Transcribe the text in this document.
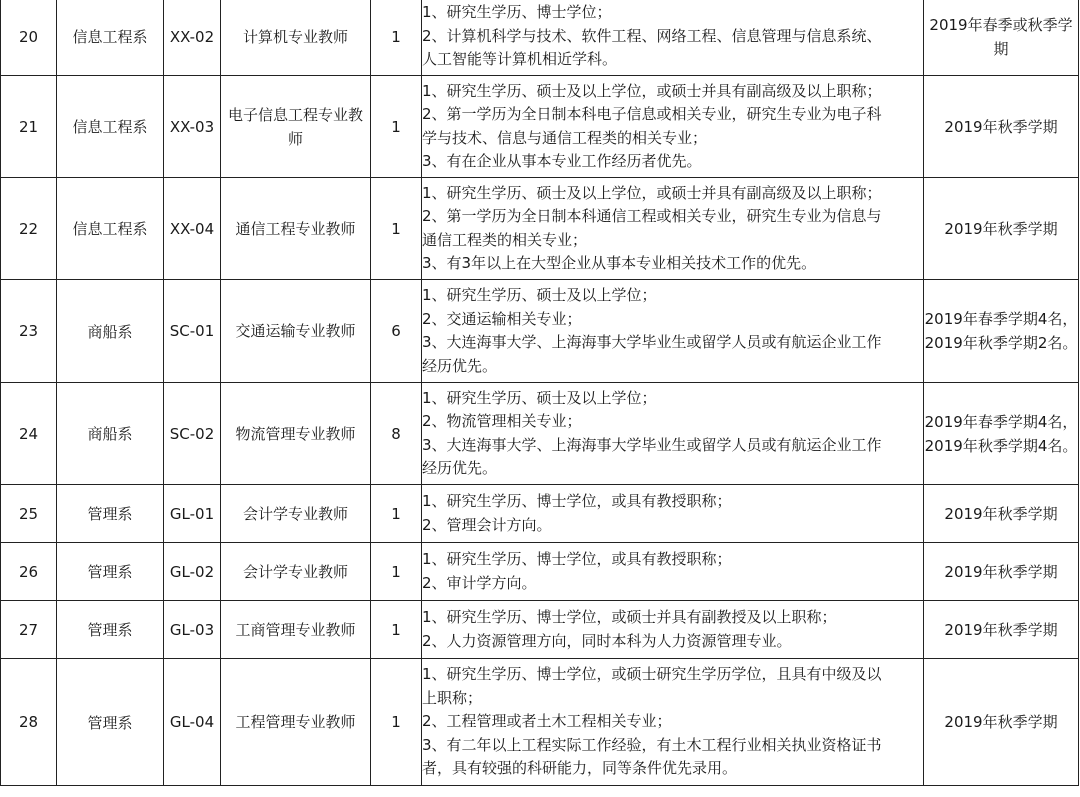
20	信息工程系	XX-02	计算机专业教师	1	1、研究生学历、博士学位；
2、计算机科学与技术、软件工程、网络工程、信息管理与信息系统、
人工智能等计算机相近学科。	2019年春季或秋季学期
21	信息工程系	XX-03	电子信息工程专业教师	1	1、研究生学历、硕士及以上学位，或硕士并具有副高级及以上职称；
2、第一学历为全日制本科电子信息或相关专业，研究生专业为电子科
学与技术、信息与通信工程类的相关专业；
3、有在企业从事本专业工作经历者优先。	2019年秋季学期
22	信息工程系	XX-04	通信工程专业教师	1	1、研究生学历、硕士及以上学位，或硕士并具有副高级及以上职称；
2、第一学历为全日制本科通信工程或相关专业，研究生专业为信息与
通信工程类的相关专业；
3、有3年以上在大型企业从事本专业相关技术工作的优先。	2019年秋季学期
23	商船系	SC-01	交通运输专业教师	6	1、研究生学历、硕士及以上学位；
2、交通运输相关专业；
3、大连海事大学、上海海事大学毕业生或留学人员或有航运企业工作
经历优先。	2019年春季学期4名，2019年秋季学期2名。
24	商船系	SC-02	物流管理专业教师	8	1、研究生学历、硕士及以上学位；
2、物流管理相关专业；
3、大连海事大学、上海海事大学毕业生或留学人员或有航运企业工作
经历优先。	2019年春季学期4名，2019年秋季学期4名。
25	管理系	GL-01	会计学专业教师	1	1、研究生学历、博士学位，或具有教授职称；
2、管理会计方向。	2019年秋季学期
26	管理系	GL-02	会计学专业教师	1	1、研究生学历、博士学位，或具有教授职称；
2、审计学方向。	2019年秋季学期
27	管理系	GL-03	工商管理专业教师	1	1、研究生学历、博士学位，或硕士并具有副教授及以上职称；
2、人力资源管理方向，同时本科为人力资源管理专业。	2019年秋季学期
28	管理系	GL-04	工程管理专业教师	1	1、研究生学历、博士学位，或硕士研究生学历学位，且具有中级及以
上职称；
2、工程管理或者土木工程相关专业；
3、有二年以上工程实际工作经验，有土木工程行业相关执业资格证书
者，具有较强的科研能力，同等条件优先录用。	2019年秋季学期
